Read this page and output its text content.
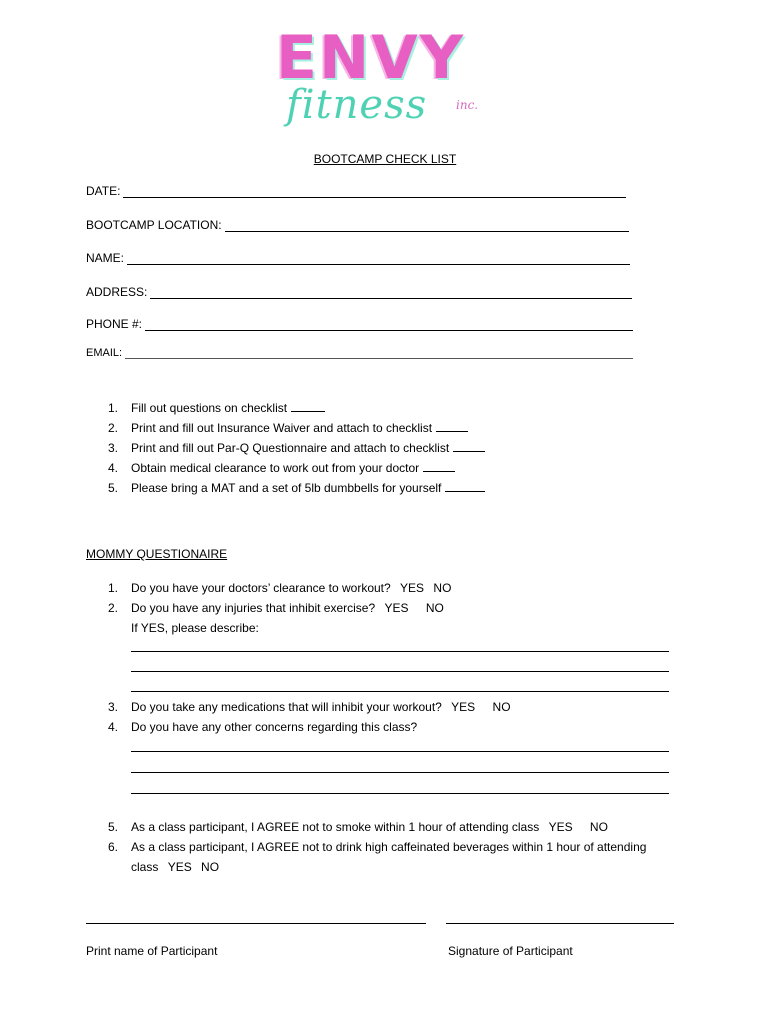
ENVY
fitness inc.
BOOTCAMP CHECK LIST
DATE:
BOOTCAMP LOCATION:
NAME:
ADDRESS:
PHONE #:
EMAIL:
1. Fill out questions on checklist
2. Print and fill out Insurance Waiver and attach to checklist
3. Print and fill out Par-Q Questionnaire and attach to checklist
4. Obtain medical clearance to work out from your doctor
5. Please bring a MAT and a set of 5lb dumbbells for yourself
MOMMY QUESTIONAIRE
1. Do you have your doctors’ clearance to workout? YES NO
2. Do you have any injuries that inhibit exercise? YES NO
If YES, please describe:
3. Do you take any medications that will inhibit your workout? YES NO
4. Do you have any other concerns regarding this class?
5. As a class participant, I AGREE not to smoke within 1 hour of attending class YES NO
6. As a class participant, I AGREE not to drink high caffeinated beverages within 1 hour of attending
class YES NO
Print name of Participant	Signature of Participant
